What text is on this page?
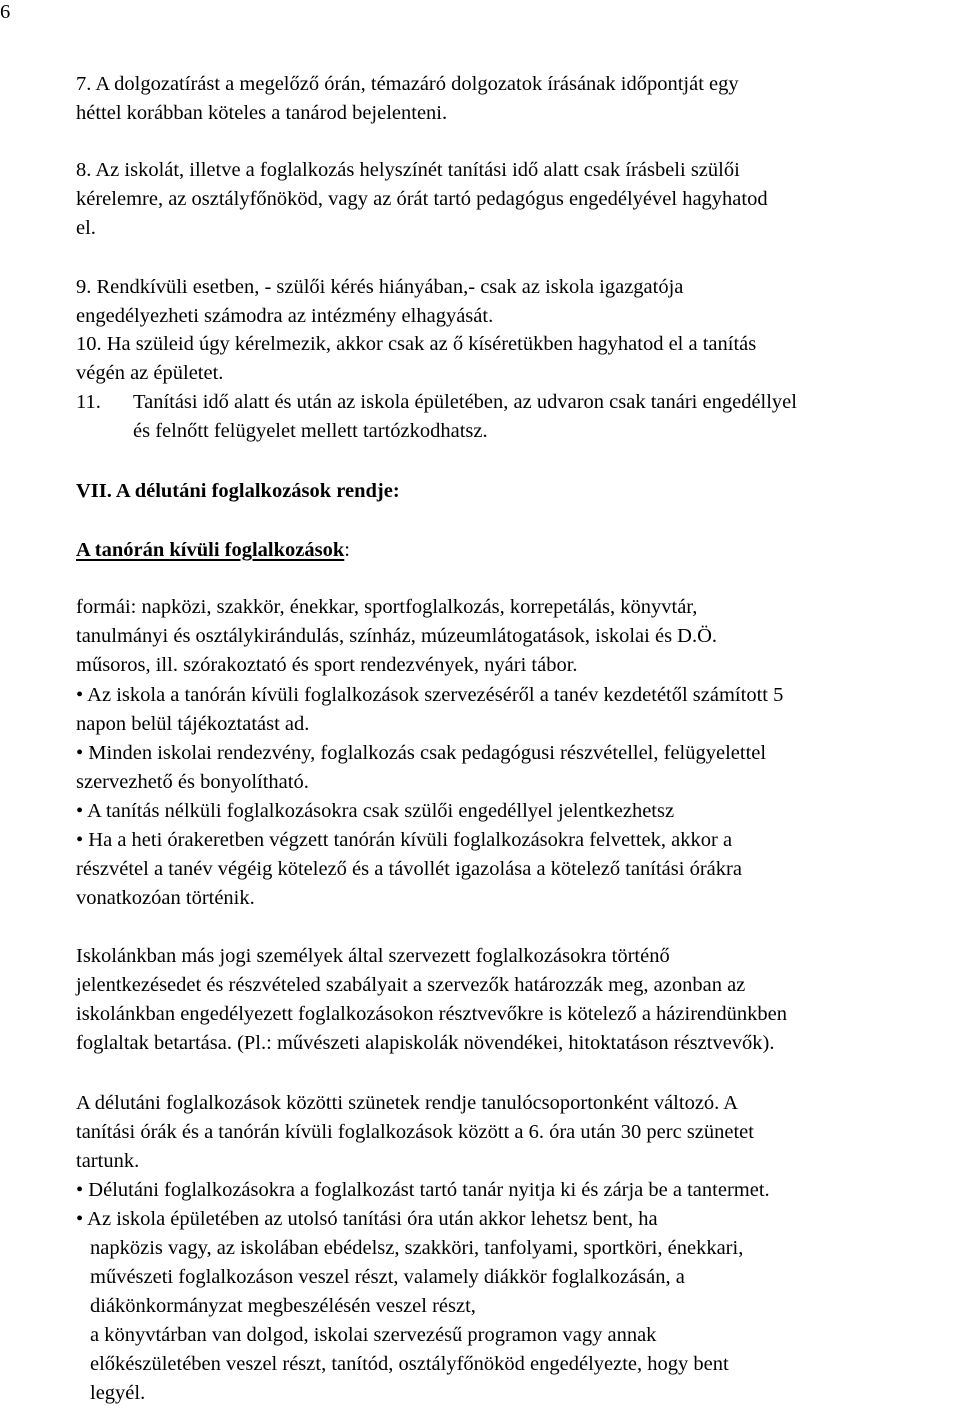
6
7. A dolgozatírást a megelőző órán, témazáró dolgozatok írásának időpontját egy
héttel korábban köteles a tanárod bejelenteni.
8. Az iskolát, illetve a foglalkozás helyszínét tanítási idő alatt csak írásbeli szülői
kérelemre, az osztályfőnököd, vagy az órát tartó pedagógus engedélyével hagyhatod
el.
9. Rendkívüli esetben, - szülői kérés hiányában,- csak az iskola igazgatója
engedélyezheti számodra az intézmény elhagyását.
10. Ha szüleid úgy kérelmezik, akkor csak az ő kíséretükben hagyhatod el a tanítás
végén az épületet.
11. Tanítási idő alatt és után az iskola épületében, az udvaron csak tanári engedéllyel
és felnőtt felügyelet mellett tartózkodhatsz.
VII. A délutáni foglalkozások rendje:
A tanórán kívüli foglalkozások:
formái: napközi, szakkör, énekkar, sportfoglalkozás, korrepetálás, könyvtár,
tanulmányi és osztálykirándulás, színház, múzeumlátogatások, iskolai és D.Ö.
műsoros, ill. szórakoztató és sport rendezvények, nyári tábor.
• Az iskola a tanórán kívüli foglalkozások szervezéséről a tanév kezdetétől számított 5
napon belül tájékoztatást ad.
• Minden iskolai rendezvény, foglalkozás csak pedagógusi részvétellel, felügyelettel
szervezhető és bonyolítható.
• A tanítás nélküli foglalkozásokra csak szülői engedéllyel jelentkezhetsz
• Ha a heti órakeretben végzett tanórán kívüli foglalkozásokra felvettek, akkor a
részvétel a tanév végéig kötelező és a távollét igazolása a kötelező tanítási órákra
vonatkozóan történik.
Iskolánkban más jogi személyek által szervezett foglalkozásokra történő
jelentkezésedet és részvételed szabályait a szervezők határozzák meg, azonban az
iskolánkban engedélyezett foglalkozásokon résztvevőkre is kötelező a házirendünkben
foglaltak betartása. (Pl.: művészeti alapiskolák növendékei, hitoktatáson résztvevők).
A délutáni foglalkozások közötti szünetek rendje tanulócsoportonként változó. A
tanítási órák és a tanórán kívüli foglalkozások között a 6. óra után 30 perc szünetet
tartunk.
• Délutáni foglalkozásokra a foglalkozást tartó tanár nyitja ki és zárja be a tantermet.
• Az iskola épületében az utolsó tanítási óra után akkor lehetsz bent, ha
napközis vagy, az iskolában ebédelsz, szakköri, tanfolyami, sportköri, énekkari,
művészeti foglalkozáson veszel részt, valamely diákkör foglalkozásán, a
diákönkormányzat megbeszélésén veszel részt,
a könyvtárban van dolgod, iskolai szervezésű programon vagy annak
előkészületében veszel részt, tanítód, osztályfőnököd engedélyezte, hogy bent
legyél.
